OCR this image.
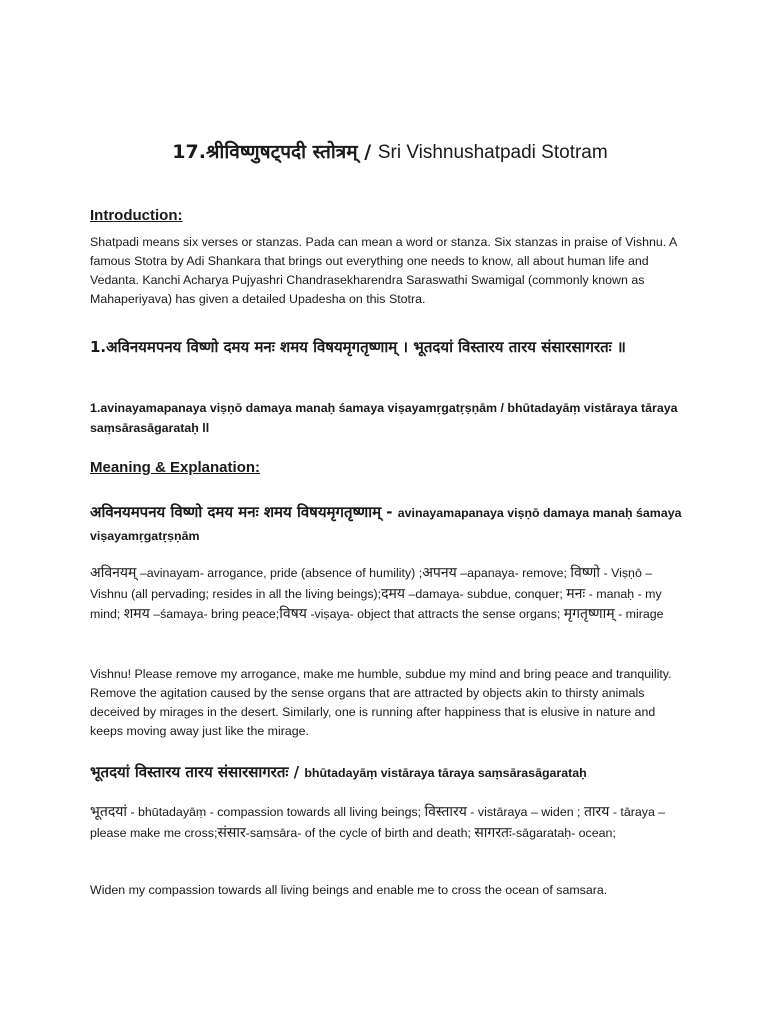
17.श्रीविष्णुषट्पदी स्तोत्रम् / Sri Vishnushatpadi Stotram
Introduction:
Shatpadi means six verses or stanzas. Pada can mean a word or stanza. Six stanzas in praise of Vishnu. A famous Stotra by Adi Shankara that brings out everything one needs to know, all about human life and Vedanta. Kanchi Acharya Pujyashri Chandrasekharendra Saraswathi Swamigal (commonly known as Mahaperiyava) has given a detailed Upadesha on this Stotra.
1.अविनयमपनय विष्णो दमय मनः शमय विषयमृगतृष्णाम् । भूतदयां विस्तारय तारय संसारसागरतः ॥
1.avinayamapanaya viṣṇō damaya manaḥ śamaya viṣayamṛgatṛṣṇām / bhūtadayāṃ vistāraya tāraya saṃsārasāgarataḥ ll
Meaning & Explanation:
अविनयमपनय विष्णो दमय मनः शमय विषयमृगतृष्णाम् - avinayamapanaya viṣṇō damaya manaḥ śamaya viṣayamṛgatṛṣṇām
अविनयम् –avinayam- arrogance, pride (absence of humility) ;अपनय –apanaya- remove; विष्णो - Viṣṇō – Vishnu (all pervading; resides in all the living beings);दमय –damaya- subdue, conquer; मनः - manaḥ - my mind; शमय –śamaya- bring peace;विषय -viṣaya- object that attracts the sense organs; मृगतृष्णाम् - mirage
Vishnu! Please remove my arrogance, make me humble, subdue my mind and bring peace and tranquility. Remove the agitation caused by the sense organs that are attracted by objects akin to thirsty animals deceived by mirages in the desert. Similarly, one is running after happiness that is elusive in nature and keeps moving away just like the mirage.
भूतदयां विस्तारय तारय संसारसागरतः / bhūtadayāṃ vistāraya tāraya saṃsārasāgarataḥ
भूतदयां - bhūtadayāṃ - compassion towards all living beings; विस्तारय - vistāraya – widen ; तारय - tāraya – please make me cross;संसार-saṃsāra- of the cycle of birth and death; सागरतः-sāgarataḥ- ocean;
Widen my compassion towards all living beings and enable me to cross the ocean of samsara.
